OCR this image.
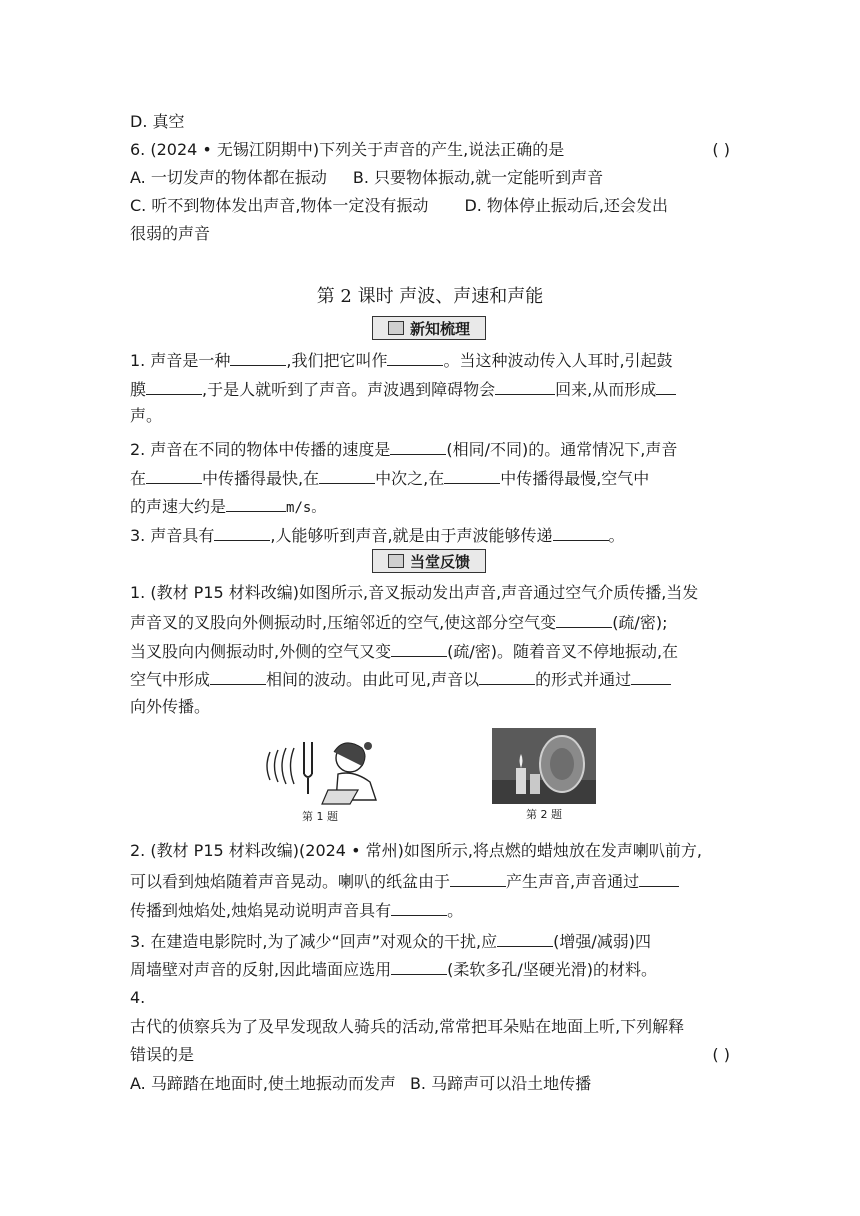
D. 真空
6. (2024 • 无锡江阴期中)下列关于声音的产生,说法正确的是	( )
A. 一切发声的物体都在振动 B. 只要物体振动,就一定能听到声音
C. 听不到物体发出声音,物体一定没有振动 D. 物体停止振动后,还会发出
很弱的声音
第 2 课时 声波、声速和声能
新知梳理
1. 声音是一种	,我们把它叫作	。当这种波动传入人耳时,引起鼓
膜	,于是人就听到了声音。声波遇到障碍物会	回来,从而形成
声。
2. 声音在不同的物体中传播的速度是	(相同/不同)的。通常情况下,声音
在	中传播得最快,在	中次之,在	中传播得最慢,空气中
的声速大约是	m/s。
3. 声音具有	,人能够听到声音,就是由于声波能够传递	。
当堂反馈
1. (教材 P15 材料改编)如图所示,音叉振动发出声音,声音通过空气介质传播,当发
声音叉的叉股向外侧振动时,压缩邻近的空气,使这部分空气变	(疏/密);
当叉股向内侧振动时,外侧的空气又变	(疏/密)。随着音叉不停地振动,在
空气中形成	相间的波动。由此可见,声音以	的形式并通过
向外传播。
第 1 题	第 2 题
2. (教材 P15 材料改编)(2024 • 常州)如图所示,将点燃的蜡烛放在发声喇叭前方,
可以看到烛焰随着声音晃动。喇叭的纸盆由于	产生声音,声音通过
传播到烛焰处,烛焰晃动说明声音具有	。
3. 在建造电影院时,为了减少“回声”对观众的干扰,应	(增强/减弱)四
周墙壁对声音的反射,因此墙面应选用	(柔软多孔/坚硬光滑)的材料。
4.
古代的侦察兵为了及早发现敌人骑兵的活动,常常把耳朵贴在地面上听,下列解释
错误的是	( )
A. 马蹄踏在地面时,使土地振动而发声 B. 马蹄声可以沿土地传播
